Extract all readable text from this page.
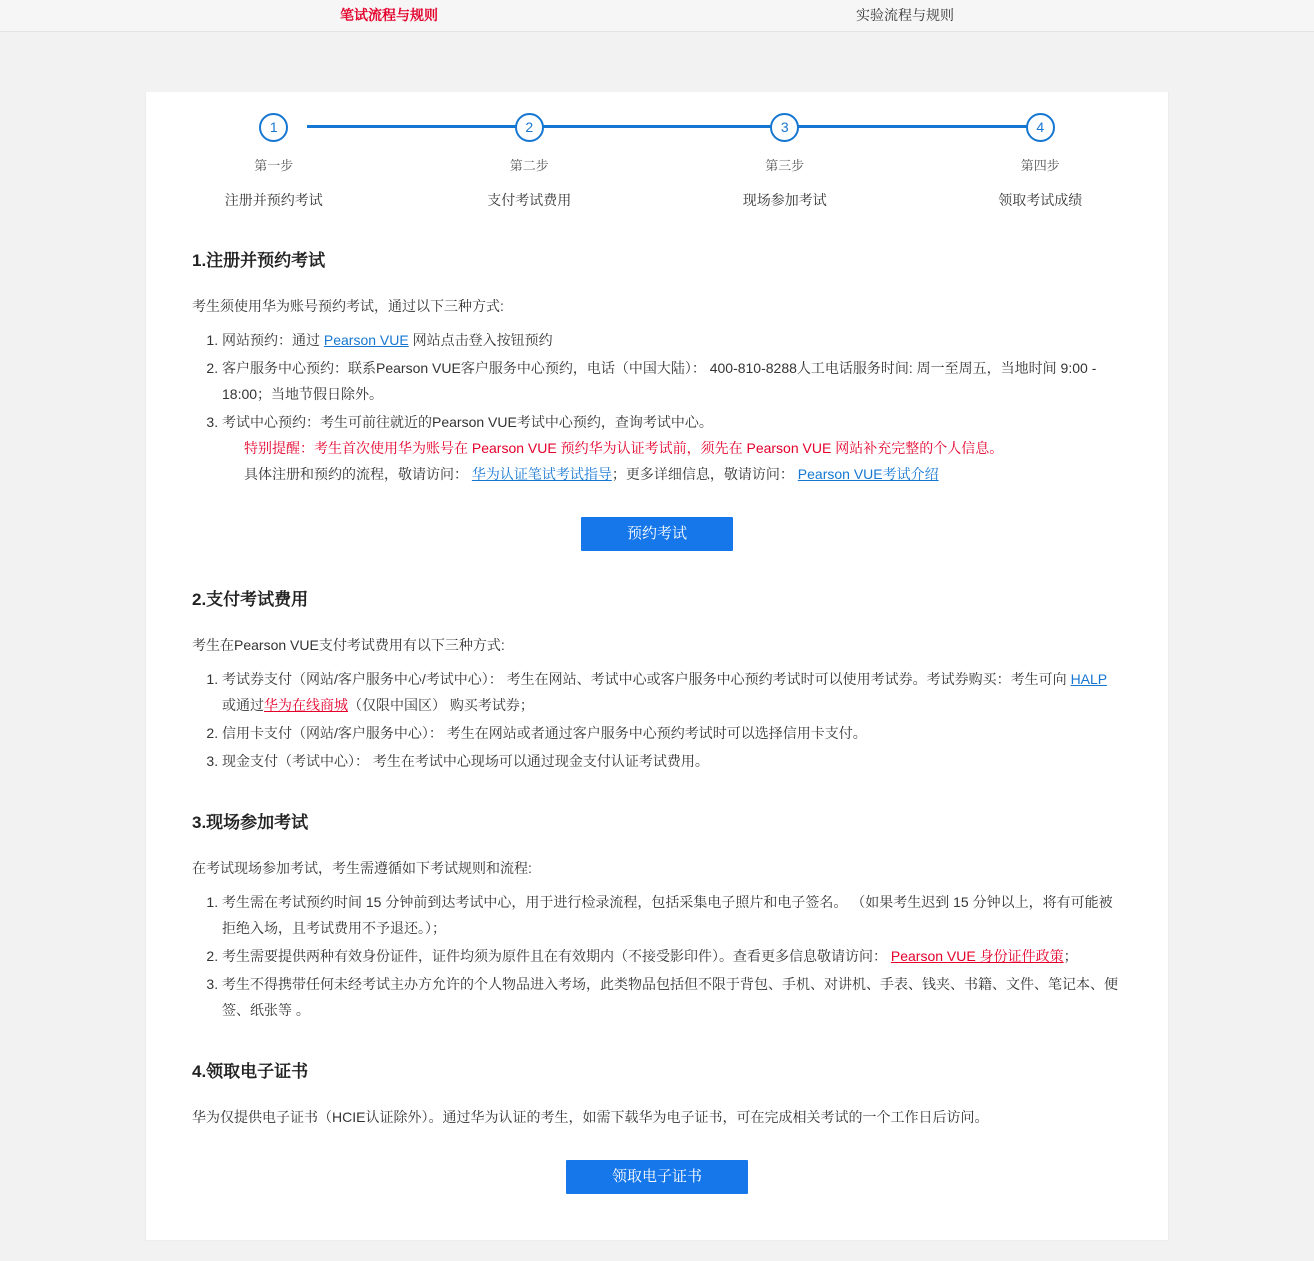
笔试流程与规则	实验流程与规则
1
第一步
注册并预约考试
2
第二步
支付考试费用
3
第三步
现场参加考试
4
第四步
领取考试成绩
1.注册并预约考试

考生须使用华为账号预约考试，通过以下三种方式:

1. 网站预约：通过 Pearson VUE 网站点击登入按钮预约
2. 客户服务中心预约：联系Pearson VUE客户服务中心预约，电话（中国大陆）： 400-810-8288人工电话服务时间: 周一至周五，当地时间 9:00 - 18:00；当地节假日除外。
3. 考试中心预约：考生可前往就近的Pearson VUE考试中心预约，查询考试中心。
特别提醒：考生首次使用华为账号在 Pearson VUE 预约华为认证考试前，须先在 Pearson VUE 网站补充完整的个人信息。
具体注册和预约的流程，敬请访问： 华为认证笔试考试指导；更多详细信息，敬请访问： Pearson VUE考试介绍
预约考试
2.支付考试费用

考生在Pearson VUE支付考试费用有以下三种方式:

1. 考试券支付（网站/客户服务中心/考试中心）： 考生在网站、考试中心或客户服务中心预约考试时可以使用考试券。考试券购买：考生可向 HALP 或通过华为在线商城（仅限中国区） 购买考试券；
2. 信用卡支付（网站/客户服务中心）： 考生在网站或者通过客户服务中心预约考试时可以选择信用卡支付。
3. 现金支付（考试中心）： 考生在考试中心现场可以通过现金支付认证考试费用。
3.现场参加考试

在考试现场参加考试，考生需遵循如下考试规则和流程:

1. 考生需在考试预约时间 15 分钟前到达考试中心，用于进行检录流程，包括采集电子照片和电子签名。 （如果考生迟到 15 分钟以上，将有可能被拒绝入场，且考试费用不予退还。）；
2. 考生需要提供两种有效身份证件，证件均须为原件且在有效期内（不接受影印件）。查看更多信息敬请访问： Pearson VUE 身份证件政策；
3. 考生不得携带任何未经考试主办方允许的个人物品进入考场，此类物品包括但不限于背包、手机、对讲机、手表、钱夹、书籍、文件、笔记本、便签、纸张等 。
4.领取电子证书

华为仅提供电子证书（HCIE认证除外）。通过华为认证的考生，如需下载华为电子证书，可在完成相关考试的一个工作日后访问。

领取电子证书
